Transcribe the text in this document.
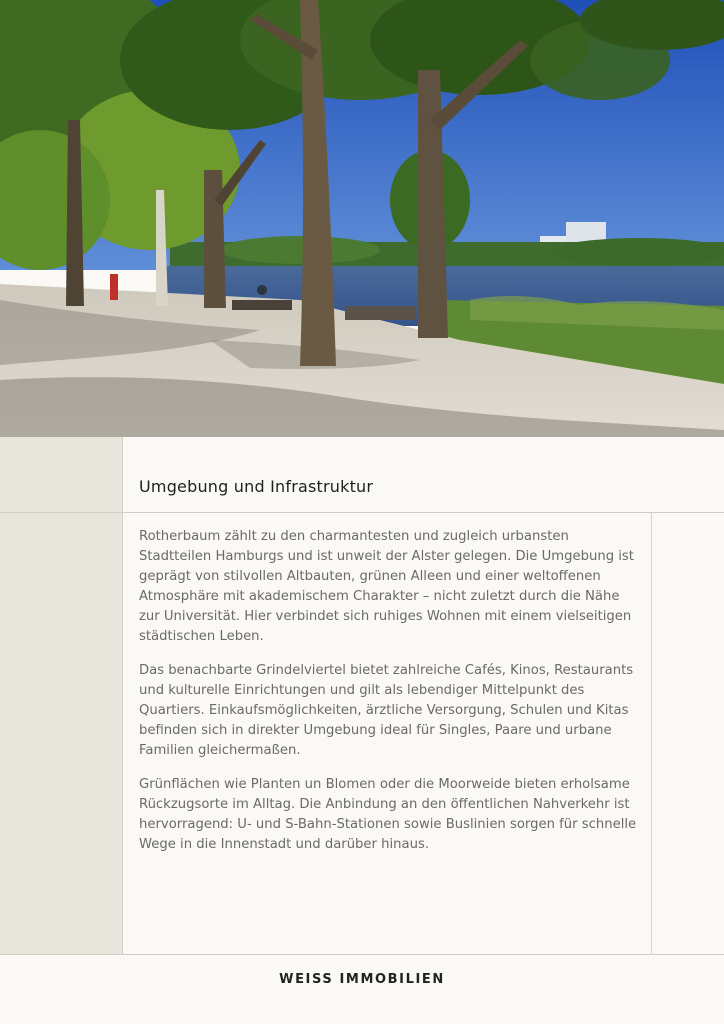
Umgebung und Infrastruktur

Rotherbaum zählt zu den charmantesten und zugleich urbansten Stadtteilen Hamburgs und ist unweit der Alster gelegen. Die Umgebung ist geprägt von stilvollen Altbauten, grünen Alleen und einer weltoffenen Atmosphäre mit akademischem Charakter – nicht zuletzt durch die Nähe zur Universität. Hier verbindet sich ruhiges Wohnen mit einem vielseitigen städtischen Leben.

Das benachbarte Grindelviertel bietet zahlreiche Cafés, Kinos, Restaurants und kulturelle Einrichtungen und gilt als lebendiger Mittelpunkt des Quartiers. Einkaufsmöglichkeiten, ärztliche Versorgung, Schulen und Kitas befinden sich in direkter Umgebung ideal für Singles, Paare und urbane Familien gleichermaßen.

Grünflächen wie Planten un Blomen oder die Moorweide bieten erholsame Rückzugsorte im Alltag. Die Anbindung an den öffentlichen Nahverkehr ist hervorragend: U- und S-Bahn-Stationen sowie Buslinien sorgen für schnelle Wege in die Innenstadt und darüber hinaus.

WEISS IMMOBILIEN
